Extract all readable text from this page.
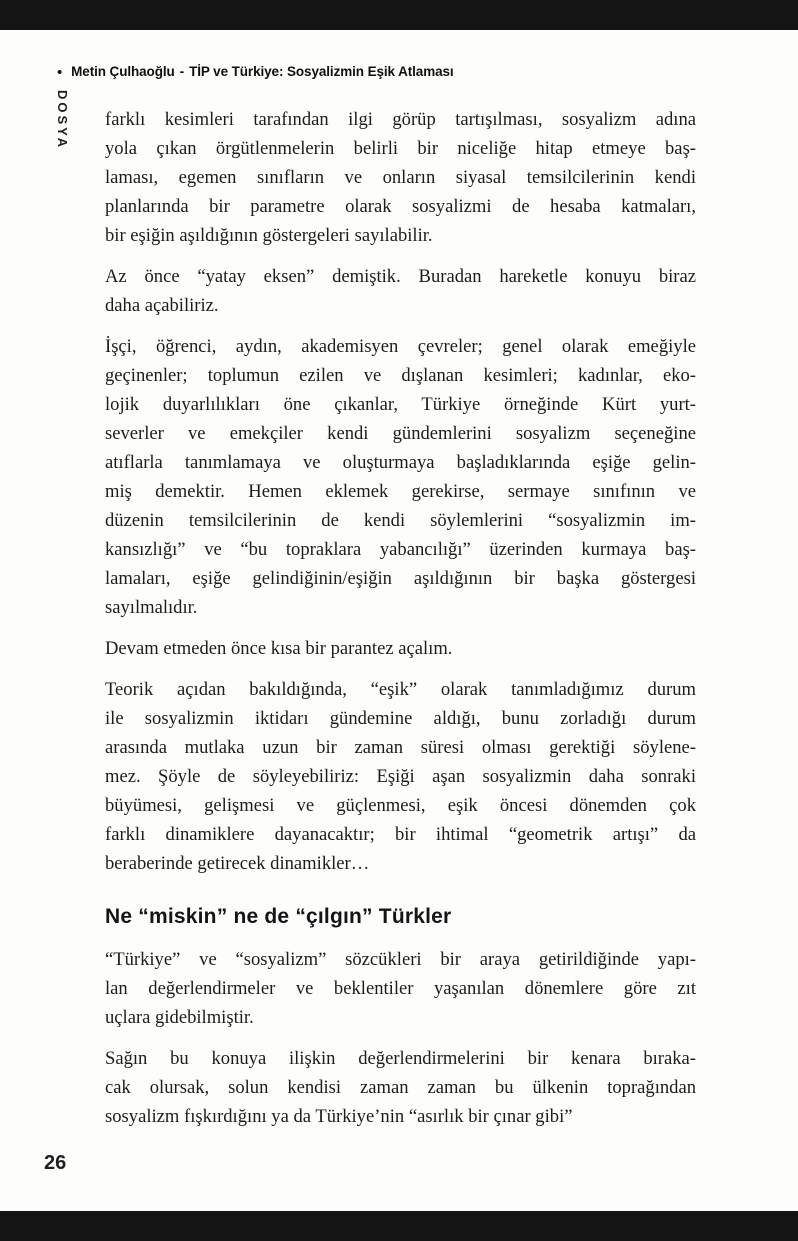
• Metin Çulhaoğlu - TİP ve Türkiye: Sosyalizmin Eşik Atlaması
DOSYA farklı kesimleri tarafından ilgi görüp tartışılması, sosyalizm adına
yola çıkan örgütlenmelerin belirli bir niceliğe hitap etmeye baş-
laması, egemen sınıfların ve onların siyasal temsilcilerinin kendi
planlarında bir parametre olarak sosyalizmi de hesaba katmaları,
bir eşiğin aşıldığının göstergeleri sayılabilir.
Az önce “yatay eksen” demiştik. Buradan hareketle konuyu biraz
daha açabiliriz.
İşçi, öğrenci, aydın, akademisyen çevreler; genel olarak emeğiyle
geçinenler; toplumun ezilen ve dışlanan kesimleri; kadınlar, eko-
lojik duyarlılıkları öne çıkanlar, Türkiye örneğinde Kürt yurt-
severler ve emekçiler kendi gündemlerini sosyalizm seçeneğine
atıflarla tanımlamaya ve oluşturmaya başladıklarında eşiğe gelin-
miş demektir. Hemen eklemek gerekirse, sermaye sınıfının ve
düzenin temsilcilerinin de kendi söylemlerini “sosyalizmin im-
kansızlığı” ve “bu topraklara yabancılığı” üzerinden kurmaya baş-
lamaları, eşiğe gelindiğinin/eşiğin aşıldığının bir başka göstergesi
sayılmalıdır.
Devam etmeden önce kısa bir parantez açalım.
Teorik açıdan bakıldığında, “eşik” olarak tanımladığımız durum
ile sosyalizmin iktidarı gündemine aldığı, bunu zorladığı durum
arasında mutlaka uzun bir zaman süresi olması gerektiği söylene-
mez. Şöyle de söyleyebiliriz: Eşiği aşan sosyalizmin daha sonraki
büyümesi, gelişmesi ve güçlenmesi, eşik öncesi dönemden çok
farklı dinamiklere dayanacaktır; bir ihtimal “geometrik artışı” da
beraberinde getirecek dinamikler…
Ne “miskin” ne de “çılgın” Türkler
“Türkiye” ve “sosyalizm” sözcükleri bir araya getirildiğinde yapı-
lan değerlendirmeler ve beklentiler yaşanılan dönemlere göre zıt
uçlara gidebilmiştir.
Sağın bu konuya ilişkin değerlendirmelerini bir kenara bıraka-
cak olursak, solun kendisi zaman zaman bu ülkenin toprağından
sosyalizm fışkırdığını ya da Türkiye’nin “asırlık bir çınar gibi”
26
